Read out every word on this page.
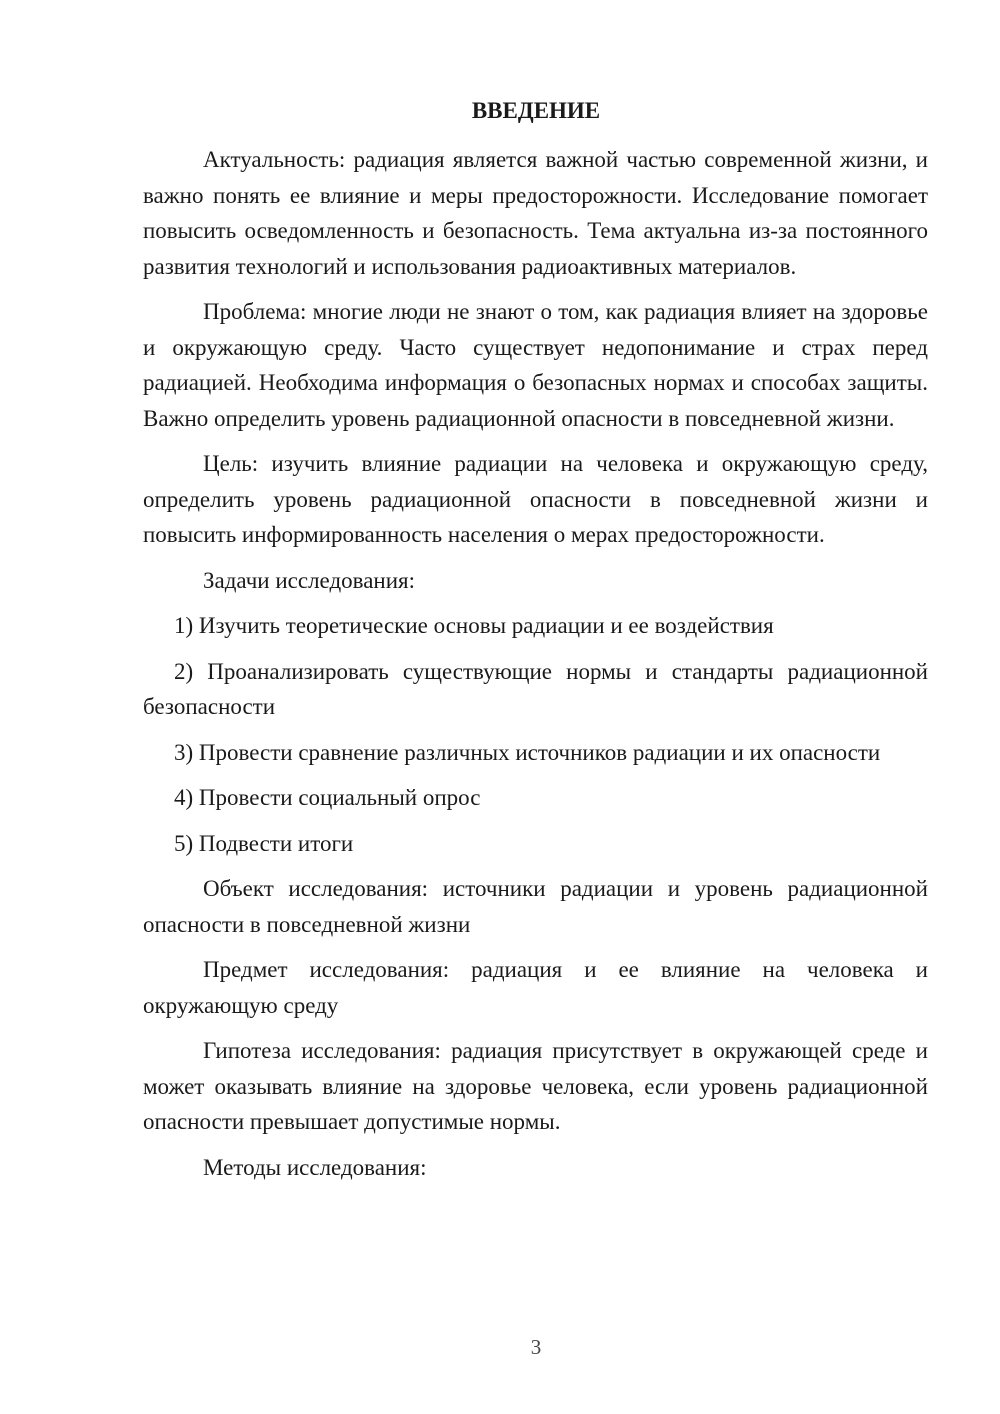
ВВЕДЕНИЕ

Актуальность: радиация является важной частью современной жизни, и важно понять ее влияние и меры предосторожности. Исследование помогает повысить осведомленность и безопасность. Тема актуальна из-за постоянного развития технологий и использования радиоактивных материалов.

Проблема: многие люди не знают о том, как радиация влияет на здоровье и окружающую среду. Часто существует недопонимание и страх перед радиацией. Необходима информация о безопасных нормах и способах защиты. Важно определить уровень радиационной опасности в повседневной жизни.

Цель: изучить влияние радиации на человека и окружающую среду, определить уровень радиационной опасности в повседневной жизни и повысить информированность населения о мерах предосторожности.

Задачи исследования:

1) Изучить теоретические основы радиации и ее воздействия

2) Проанализировать существующие нормы и стандарты радиационной безопасности

3) Провести сравнение различных источников радиации и их опасности

4) Провести социальный опрос

5) Подвести итоги

Объект исследования: источники радиации и уровень радиационной опасности в повседневной жизни

Предмет исследования: радиация и ее влияние на человека и окружающую среду

Гипотеза исследования: радиация присутствует в окружающей среде и может оказывать влияние на здоровье человека, если уровень радиационной опасности превышает допустимые нормы.

Методы исследования:

3
